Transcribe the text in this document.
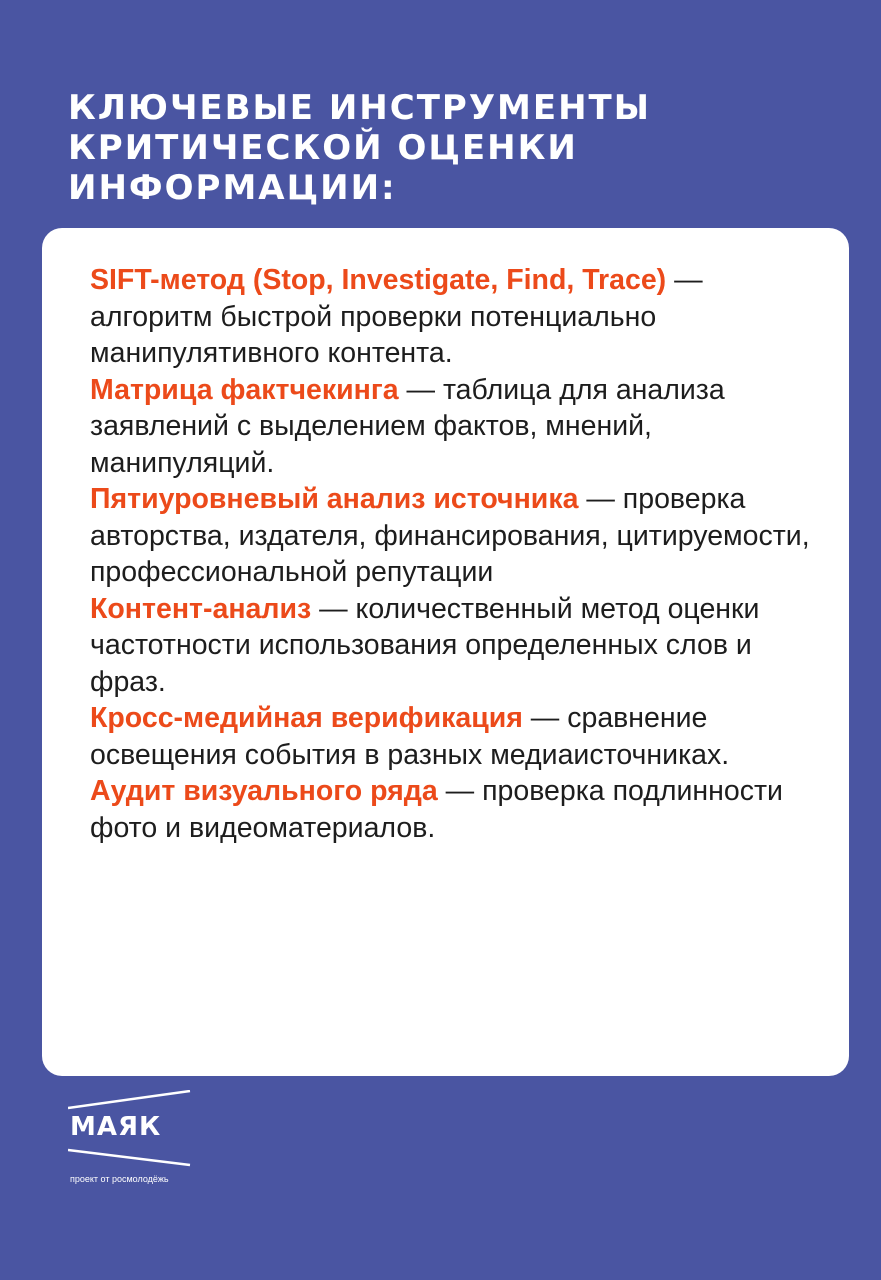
КЛЮЧЕВЫЕ ИНСТРУМЕНТЫ
КРИТИЧЕСКОЙ ОЦЕНКИ
ИНФОРМАЦИИ:
SIFT-метод (Stop, Investigate, Find, Trace) — алгоритм быстрой проверки потенциально манипулятивного контента.
Матрица фактчекинга — таблица для анализа заявлений с выделением фактов, мнений, манипуляций.
Пятиуровневый анализ источника — проверка авторства, издателя, финансирования, цитируемости, профессиональной репутации
Контент-анализ — количественный метод оценки частотности использования определенных слов и фраз.
Кросс-медийная верификация — сравнение освещения события в разных медиаисточниках.
Аудит визуального ряда — проверка подлинности фото и видеоматериалов.
МАЯК
проект от росмолодёжь
